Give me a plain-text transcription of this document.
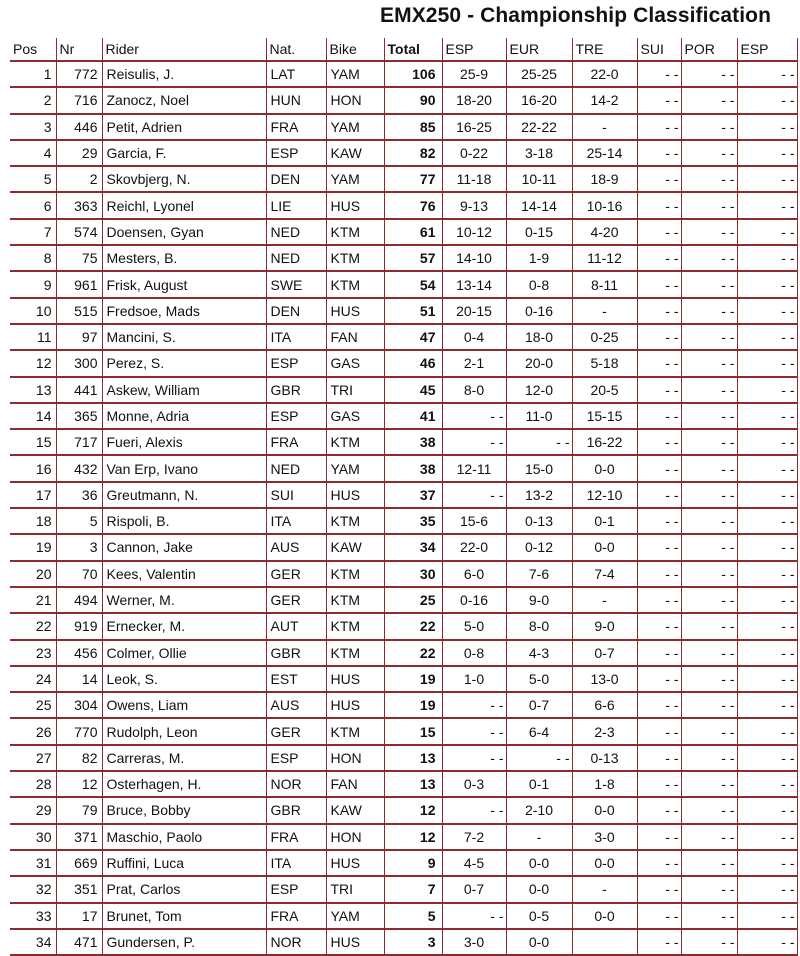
EMX250 - Championship Classification
Pos	Nr	Rider	Nat.	Bike	Total	ESP	EUR	TRE	SUI	POR	ESP
1	772	Reisulis, J.	LAT	YAM	106	25-9	25-25	22-0	- -	- -	- -
2	716	Zanocz, Noel	HUN	HON	90	18-20	16-20	14-2	- -	- -	- -
3	446	Petit, Adrien	FRA	YAM	85	16-25	22-22	-	- -	- -	- -
4	29	Garcia, F.	ESP	KAW	82	0-22	3-18	25-14	- -	- -	- -
5	2	Skovbjerg, N.	DEN	YAM	77	11-18	10-11	18-9	- -	- -	- -
6	363	Reichl, Lyonel	LIE	HUS	76	9-13	14-14	10-16	- -	- -	- -
7	574	Doensen, Gyan	NED	KTM	61	10-12	0-15	4-20	- -	- -	- -
8	75	Mesters, B.	NED	KTM	57	14-10	1-9	11-12	- -	- -	- -
9	961	Frisk, August	SWE	KTM	54	13-14	0-8	8-11	- -	- -	- -
10	515	Fredsoe, Mads	DEN	HUS	51	20-15	0-16	-	- -	- -	- -
11	97	Mancini, S.	ITA	FAN	47	0-4	18-0	0-25	- -	- -	- -
12	300	Perez, S.	ESP	GAS	46	2-1	20-0	5-18	- -	- -	- -
13	441	Askew, William	GBR	TRI	45	8-0	12-0	20-5	- -	- -	- -
14	365	Monne, Adria	ESP	GAS	41	- -	11-0	15-15	- -	- -	- -
15	717	Fueri, Alexis	FRA	KTM	38	- -	- -	16-22	- -	- -	- -
16	432	Van Erp, Ivano	NED	YAM	38	12-11	15-0	0-0	- -	- -	- -
17	36	Greutmann, N.	SUI	HUS	37	- -	13-2	12-10	- -	- -	- -
18	5	Rispoli, B.	ITA	KTM	35	15-6	0-13	0-1	- -	- -	- -
19	3	Cannon, Jake	AUS	KAW	34	22-0	0-12	0-0	- -	- -	- -
20	70	Kees, Valentin	GER	KTM	30	6-0	7-6	7-4	- -	- -	- -
21	494	Werner, M.	GER	KTM	25	0-16	9-0	-	- -	- -	- -
22	919	Ernecker, M.	AUT	KTM	22	5-0	8-0	9-0	- -	- -	- -
23	456	Colmer, Ollie	GBR	KTM	22	0-8	4-3	0-7	- -	- -	- -
24	14	Leok, S.	EST	HUS	19	1-0	5-0	13-0	- -	- -	- -
25	304	Owens, Liam	AUS	HUS	19	- -	0-7	6-6	- -	- -	- -
26	770	Rudolph, Leon	GER	KTM	15	- -	6-4	2-3	- -	- -	- -
27	82	Carreras, M.	ESP	HON	13	- -	- -	0-13	- -	- -	- -
28	12	Osterhagen, H.	NOR	FAN	13	0-3	0-1	1-8	- -	- -	- -
29	79	Bruce, Bobby	GBR	KAW	12	- -	2-10	0-0	- -	- -	- -
30	371	Maschio, Paolo	FRA	HON	12	7-2	-	3-0	- -	- -	- -
31	669	Ruffini, Luca	ITA	HUS	9	4-5	0-0	0-0	- -	- -	- -
32	351	Prat, Carlos	ESP	TRI	7	0-7	0-0	-	- -	- -	- -
33	17	Brunet, Tom	FRA	YAM	5	- -	0-5	0-0	- -	- -	- -
34	471	Gundersen, P.	NOR	HUS	3	3-0	0-0		- -	- -	- -
